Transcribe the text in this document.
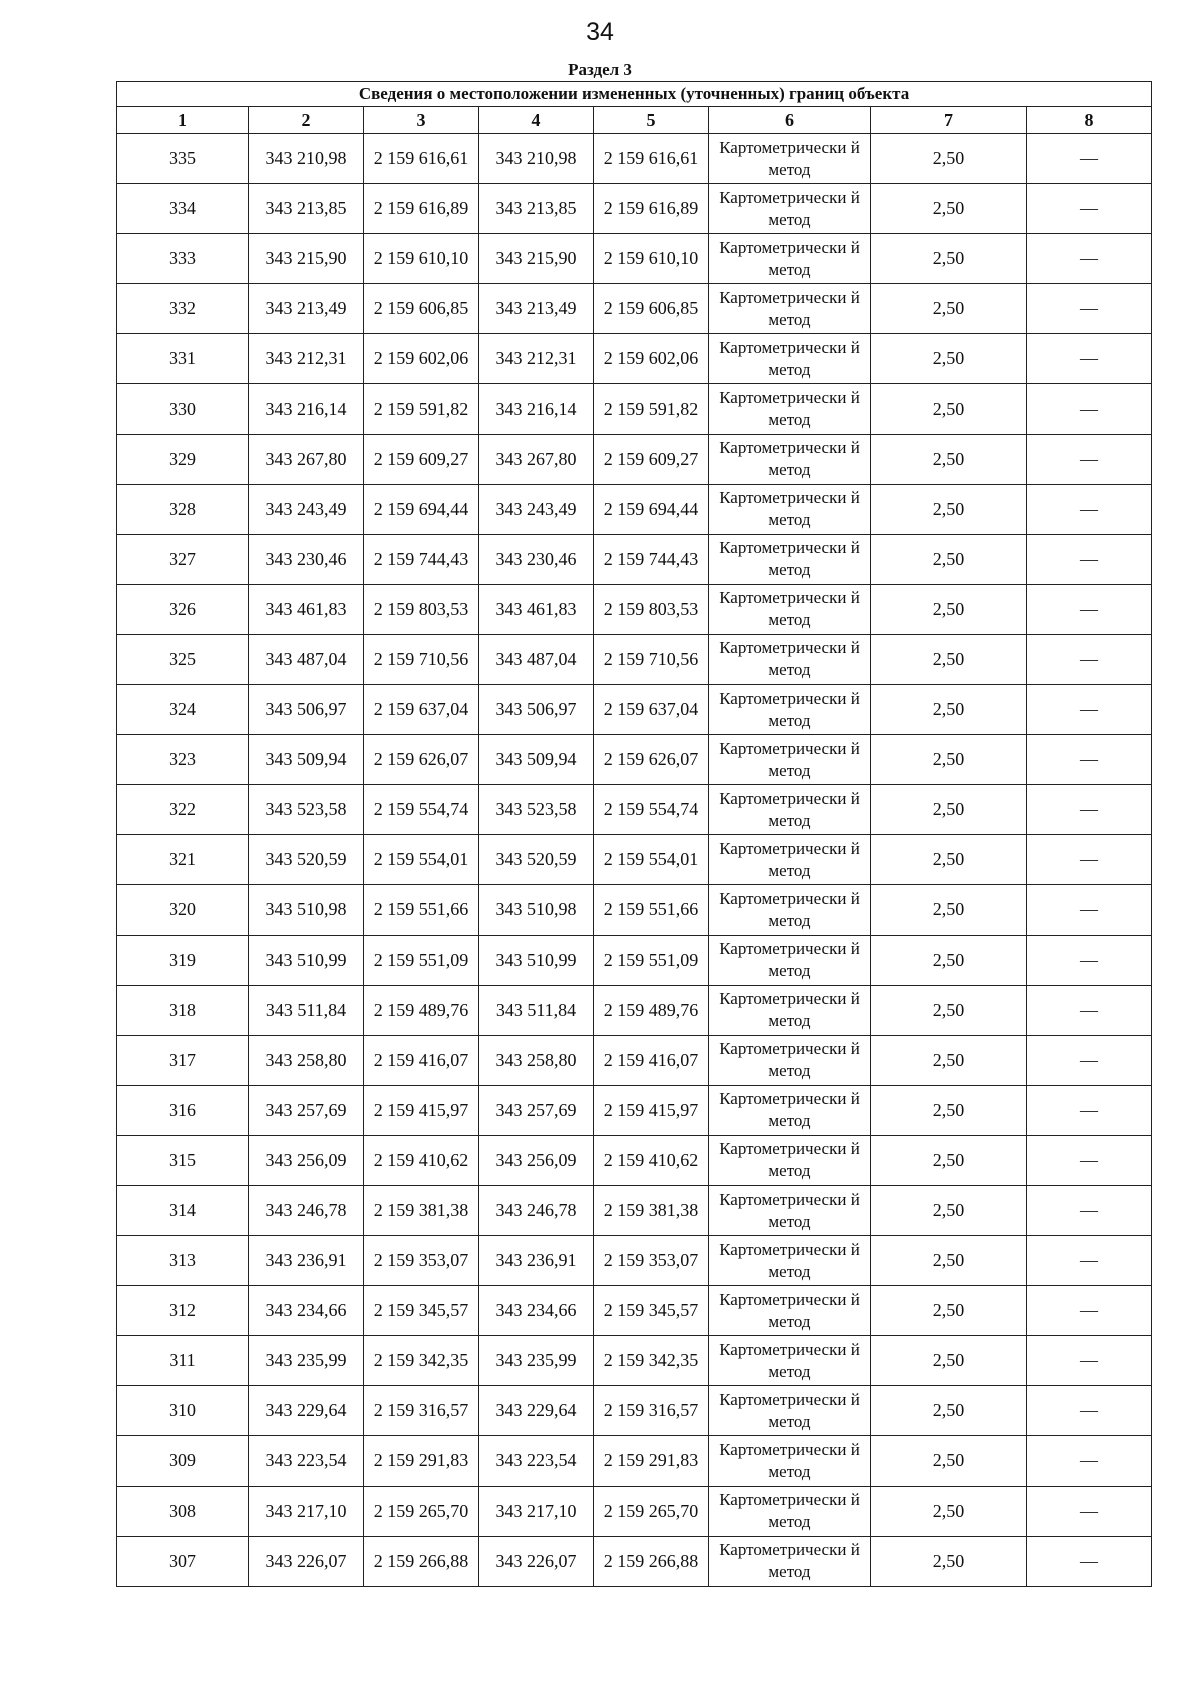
34
Раздел 3
Сведения о местоположении измененных (уточненных) границ объекта							
1	2	3	4	5	6	7	8
335	343 210,98	2 159 616,61	343 210,98	2 159 616,61	Картометрически й метод	2,50	—
334	343 213,85	2 159 616,89	343 213,85	2 159 616,89	Картометрически й метод	2,50	—
333	343 215,90	2 159 610,10	343 215,90	2 159 610,10	Картометрически й метод	2,50	—
332	343 213,49	2 159 606,85	343 213,49	2 159 606,85	Картометрически й метод	2,50	—
331	343 212,31	2 159 602,06	343 212,31	2 159 602,06	Картометрически й метод	2,50	—
330	343 216,14	2 159 591,82	343 216,14	2 159 591,82	Картометрически й метод	2,50	—
329	343 267,80	2 159 609,27	343 267,80	2 159 609,27	Картометрически й метод	2,50	—
328	343 243,49	2 159 694,44	343 243,49	2 159 694,44	Картометрически й метод	2,50	—
327	343 230,46	2 159 744,43	343 230,46	2 159 744,43	Картометрически й метод	2,50	—
326	343 461,83	2 159 803,53	343 461,83	2 159 803,53	Картометрически й метод	2,50	—
325	343 487,04	2 159 710,56	343 487,04	2 159 710,56	Картометрически й метод	2,50	—
324	343 506,97	2 159 637,04	343 506,97	2 159 637,04	Картометрически й метод	2,50	—
323	343 509,94	2 159 626,07	343 509,94	2 159 626,07	Картометрически й метод	2,50	—
322	343 523,58	2 159 554,74	343 523,58	2 159 554,74	Картометрически й метод	2,50	—
321	343 520,59	2 159 554,01	343 520,59	2 159 554,01	Картометрически й метод	2,50	—
320	343 510,98	2 159 551,66	343 510,98	2 159 551,66	Картометрически й метод	2,50	—
319	343 510,99	2 159 551,09	343 510,99	2 159 551,09	Картометрически й метод	2,50	—
318	343 511,84	2 159 489,76	343 511,84	2 159 489,76	Картометрически й метод	2,50	—
317	343 258,80	2 159 416,07	343 258,80	2 159 416,07	Картометрически й метод	2,50	—
316	343 257,69	2 159 415,97	343 257,69	2 159 415,97	Картометрически й метод	2,50	—
315	343 256,09	2 159 410,62	343 256,09	2 159 410,62	Картометрически й метод	2,50	—
314	343 246,78	2 159 381,38	343 246,78	2 159 381,38	Картометрически й метод	2,50	—
313	343 236,91	2 159 353,07	343 236,91	2 159 353,07	Картометрически й метод	2,50	—
312	343 234,66	2 159 345,57	343 234,66	2 159 345,57	Картометрически й метод	2,50	—
311	343 235,99	2 159 342,35	343 235,99	2 159 342,35	Картометрически й метод	2,50	—
310	343 229,64	2 159 316,57	343 229,64	2 159 316,57	Картометрически й метод	2,50	—
309	343 223,54	2 159 291,83	343 223,54	2 159 291,83	Картометрически й метод	2,50	—
308	343 217,10	2 159 265,70	343 217,10	2 159 265,70	Картометрически й метод	2,50	—
307	343 226,07	2 159 266,88	343 226,07	2 159 266,88	Картометрически й метод	2,50	—
